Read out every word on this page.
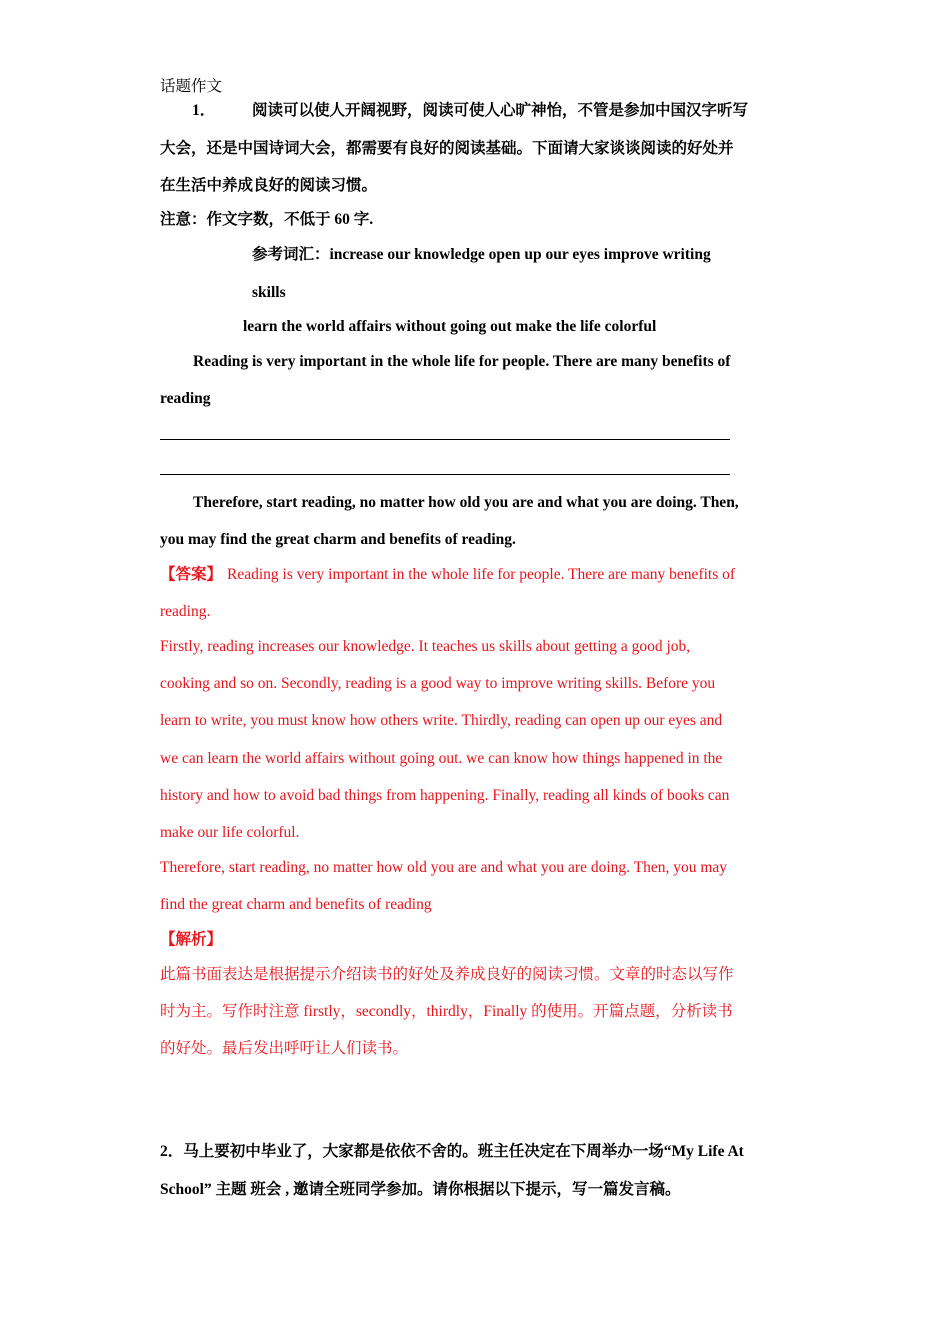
话题作文
1． 阅读可以使人开阔视野，阅读可使人心旷神怡，不管是参加中国汉字听写
大会，还是中国诗词大会，都需要有良好的阅读基础。下面请大家谈谈阅读的好处并
在生活中养成良好的阅读习惯。
注意：作文字数，不低于 60 字.
参考词汇：increase our knowledge open up our eyes improve writing
skills
learn the world affairs without going out make the life colorful
Reading is very important in the whole life for people. There are many benefits of
reading
Therefore, start reading, no matter how old you are and what you are doing. Then,
you may find the great charm and benefits of reading.
【答案】 Reading is very important in the whole life for people. There are many benefits of
reading.
Firstly, reading increases our knowledge. It teaches us skills about getting a good job,
cooking and so on. Secondly, reading is a good way to improve writing skills. Before you
learn to write, you must know how others write. Thirdly, reading can open up our eyes and
we can learn the world affairs without going out. we can know how things happened in the
history and how to avoid bad things from happening. Finally, reading all kinds of books can
make our life colorful.
Therefore, start reading, no matter how old you are and what you are doing. Then, you may
find the great charm and benefits of reading
【解析】
此篇书面表达是根据提示介绍读书的好处及养成良好的阅读习惯。文章的时态以写作
时为主。写作时注意 firstly，secondly，thirdly，Finally 的使用。开篇点题，分析读书
的好处。最后发出呼吁让人们读书。
2．马上要初中毕业了，大家都是依依不舍的。班主任决定在下周举办一场“My Life At
School” 主题 班会 , 邀请全班同学参加。请你根据以下提示，写一篇发言稿。
